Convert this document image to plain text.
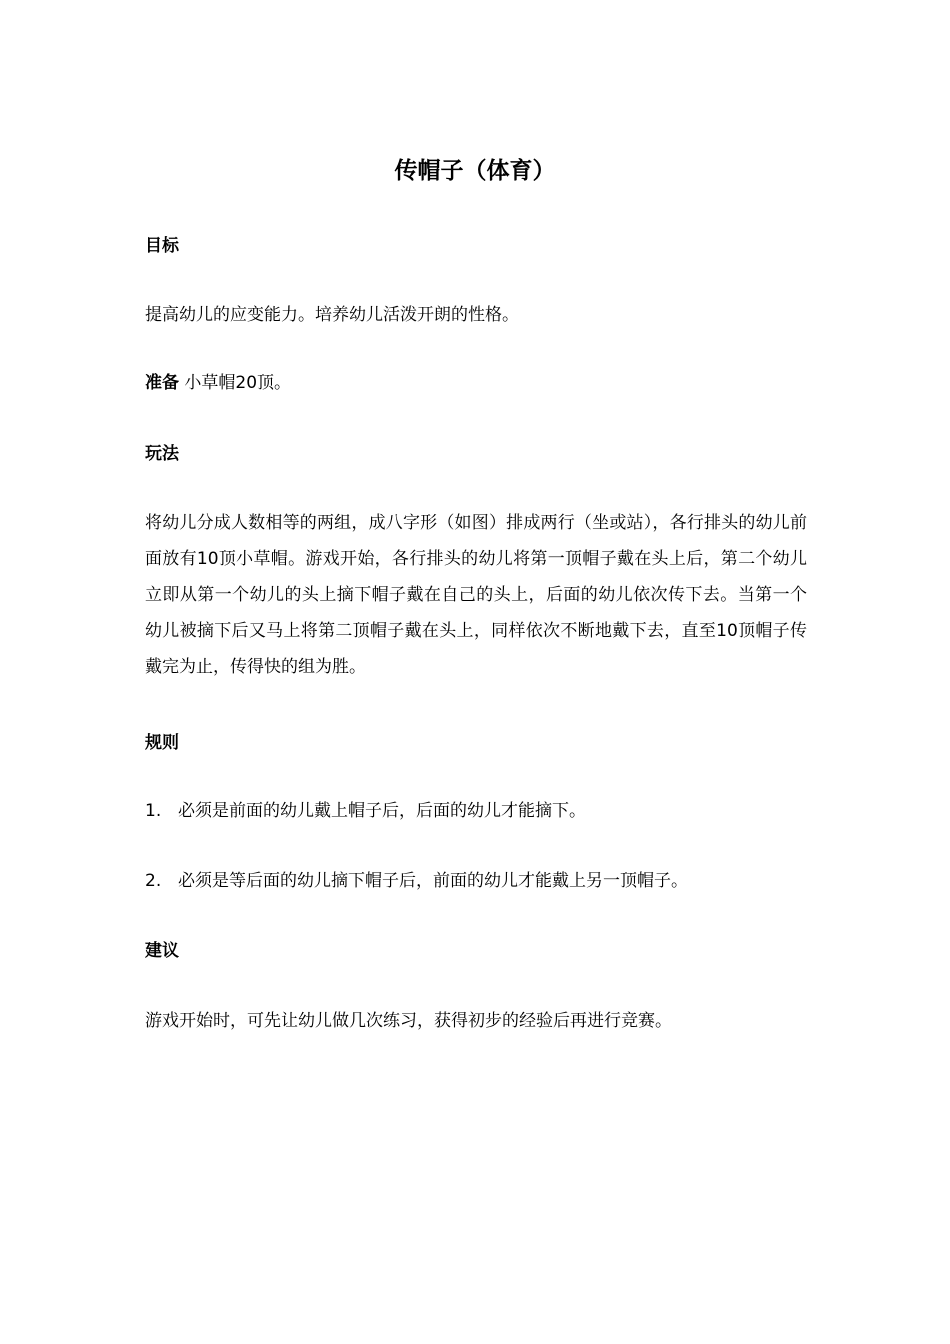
传帽子（体育）
目标
提高幼儿的应变能力。培养幼儿活泼开朗的性格。
准备 小草帽20顶。
玩法
将幼儿分成人数相等的两组，成八字形（如图）排成两行（坐或站），各行排头的幼儿前面放有10顶小草帽。游戏开始，各行排头的幼儿将第一顶帽子戴在头上后，第二个幼儿立即从第一个幼儿的头上摘下帽子戴在自己的头上，后面的幼儿依次传下去。当第一个幼儿被摘下后又马上将第二顶帽子戴在头上，同样依次不断地戴下去，直至10顶帽子传戴完为止，传得快的组为胜。
规则
1. 必须是前面的幼儿戴上帽子后，后面的幼儿才能摘下。
2. 必须是等后面的幼儿摘下帽子后，前面的幼儿才能戴上另一顶帽子。
建议
游戏开始时，可先让幼儿做几次练习，获得初步的经验后再进行竞赛。
